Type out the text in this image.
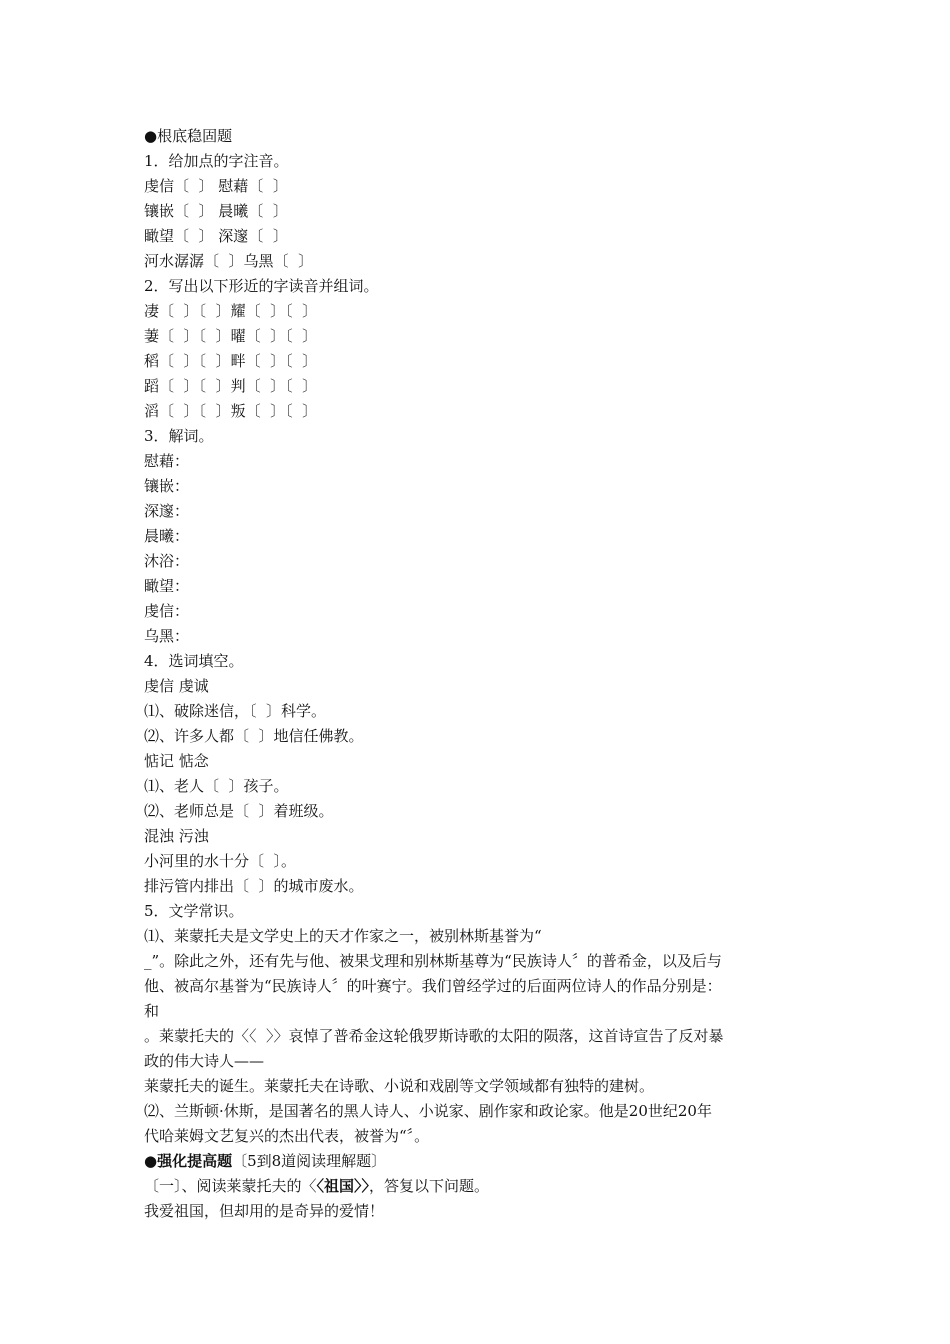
●根底稳固题
1．给加点的字注音。
虔信〔  〕 慰藉〔  〕
镶嵌〔  〕 晨曦〔  〕
瞰望〔  〕 深邃〔  〕
河水潺潺〔  〕乌黑〔  〕
2．写出以下形近的字读音并组词。
凄〔  〕〔  〕耀〔  〕〔  〕
萋〔  〕〔  〕曜〔  〕〔  〕
稻〔  〕〔  〕畔〔  〕〔  〕
蹈〔  〕〔  〕判〔  〕〔  〕
滔〔  〕〔  〕叛〔  〕〔  〕
3．解词。
慰藉：
镶嵌：
深邃：
晨曦：
沐浴：
瞰望：
虔信：
乌黑：
4．选词填空。
虔信 虔诚
⑴、破除迷信，〔  〕科学。
⑵、许多人都〔  〕地信任佛教。
惦记 惦念
⑴、老人〔  〕孩子。
⑵、老师总是〔  〕着班级。
混浊 污浊
小河里的水十分〔  〕。
排污管内排出〔  〕的城市废水。
5．文学常识。
⑴、莱蒙托夫是文学史上的天才作家之一，被别林斯基誉为“
_”。除此之外，还有先与他、被果戈理和别林斯基尊为“民族诗人〞的普希金，以及后与
他、被高尔基誉为“民族诗人〞的叶赛宁。我们曾经学过的后面两位诗人的作品分别是：
和
。莱蒙托夫的〈〈  〉〉哀悼了普希金这轮俄罗斯诗歌的太阳的陨落，这首诗宣告了反对暴
政的伟大诗人——
莱蒙托夫的诞生。莱蒙托夫在诗歌、小说和戏剧等文学领域都有独特的建树。
⑵、兰斯顿·休斯，是国著名的黑人诗人、小说家、剧作家和政论家。他是20世纪20年
代哈莱姆文艺复兴的杰出代表，被誉为“〞。
●强化提高题〔5到8道阅读理解题〕
〔一〕、阅读莱蒙托夫的〈〈祖国〉〉，答复以下问题。
我爱祖国，但却用的是奇异的爱情！
